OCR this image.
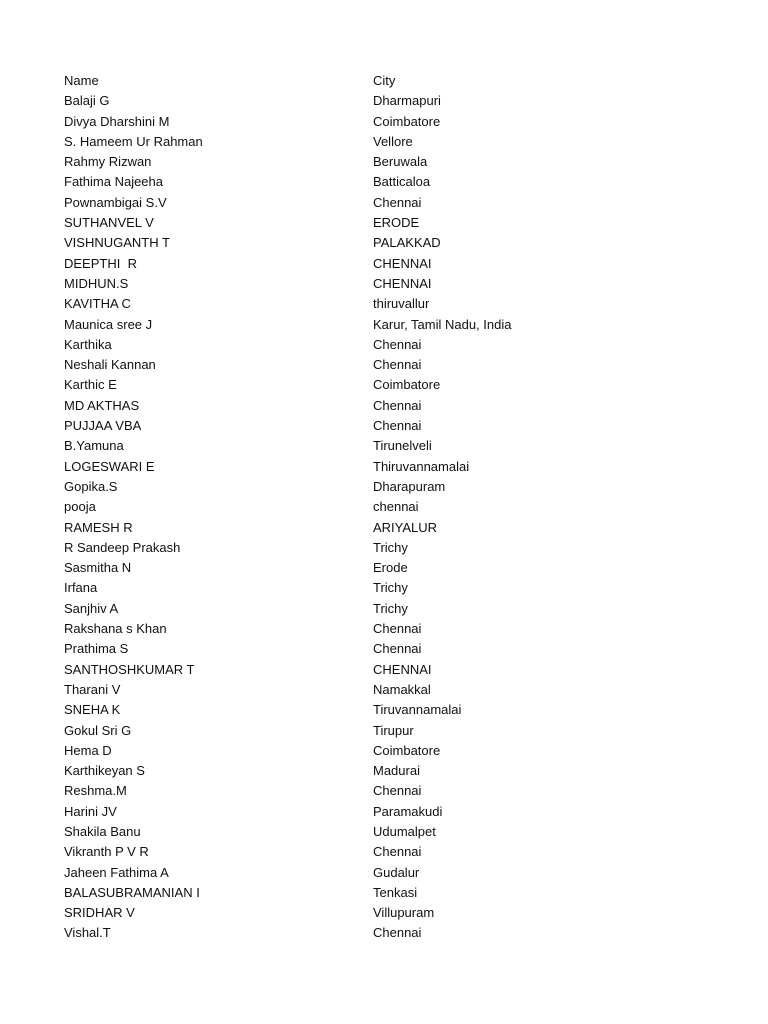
Name	City
Balaji G	Dharmapuri
Divya Dharshini M	Coimbatore
S. Hameem Ur Rahman	Vellore
Rahmy Rizwan	Beruwala
Fathima Najeeha	Batticaloa
Pownambigai S.V	Chennai
SUTHANVEL V	ERODE
VISHNUGANTH T	PALAKKAD
DEEPTHI  R	CHENNAI
MIDHUN.S	CHENNAI
KAVITHA C	thiruvallur
Maunica sree J	Karur, Tamil Nadu, India
Karthika	Chennai
Neshali Kannan	Chennai
Karthic E	Coimbatore
MD AKTHAS	Chennai
PUJJAA VBA	Chennai
B.Yamuna	Tirunelveli
LOGESWARI E	Thiruvannamalai
Gopika.S	Dharapuram
pooja	chennai
RAMESH R	ARIYALUR
R Sandeep Prakash	Trichy
Sasmitha N	Erode
Irfana	Trichy
Sanjhiv A	Trichy
Rakshana s Khan	Chennai
Prathima S	Chennai
SANTHOSHKUMAR T	CHENNAI
Tharani V	Namakkal
SNEHA K	Tiruvannamalai
Gokul Sri G	Tirupur
Hema D	Coimbatore
Karthikeyan S	Madurai
Reshma.M	Chennai
Harini JV	Paramakudi
Shakila Banu	Udumalpet
Vikranth P V R	Chennai
Jaheen Fathima A	Gudalur
BALASUBRAMANIAN I	Tenkasi
SRIDHAR V	Villupuram
Vishal.T	Chennai
